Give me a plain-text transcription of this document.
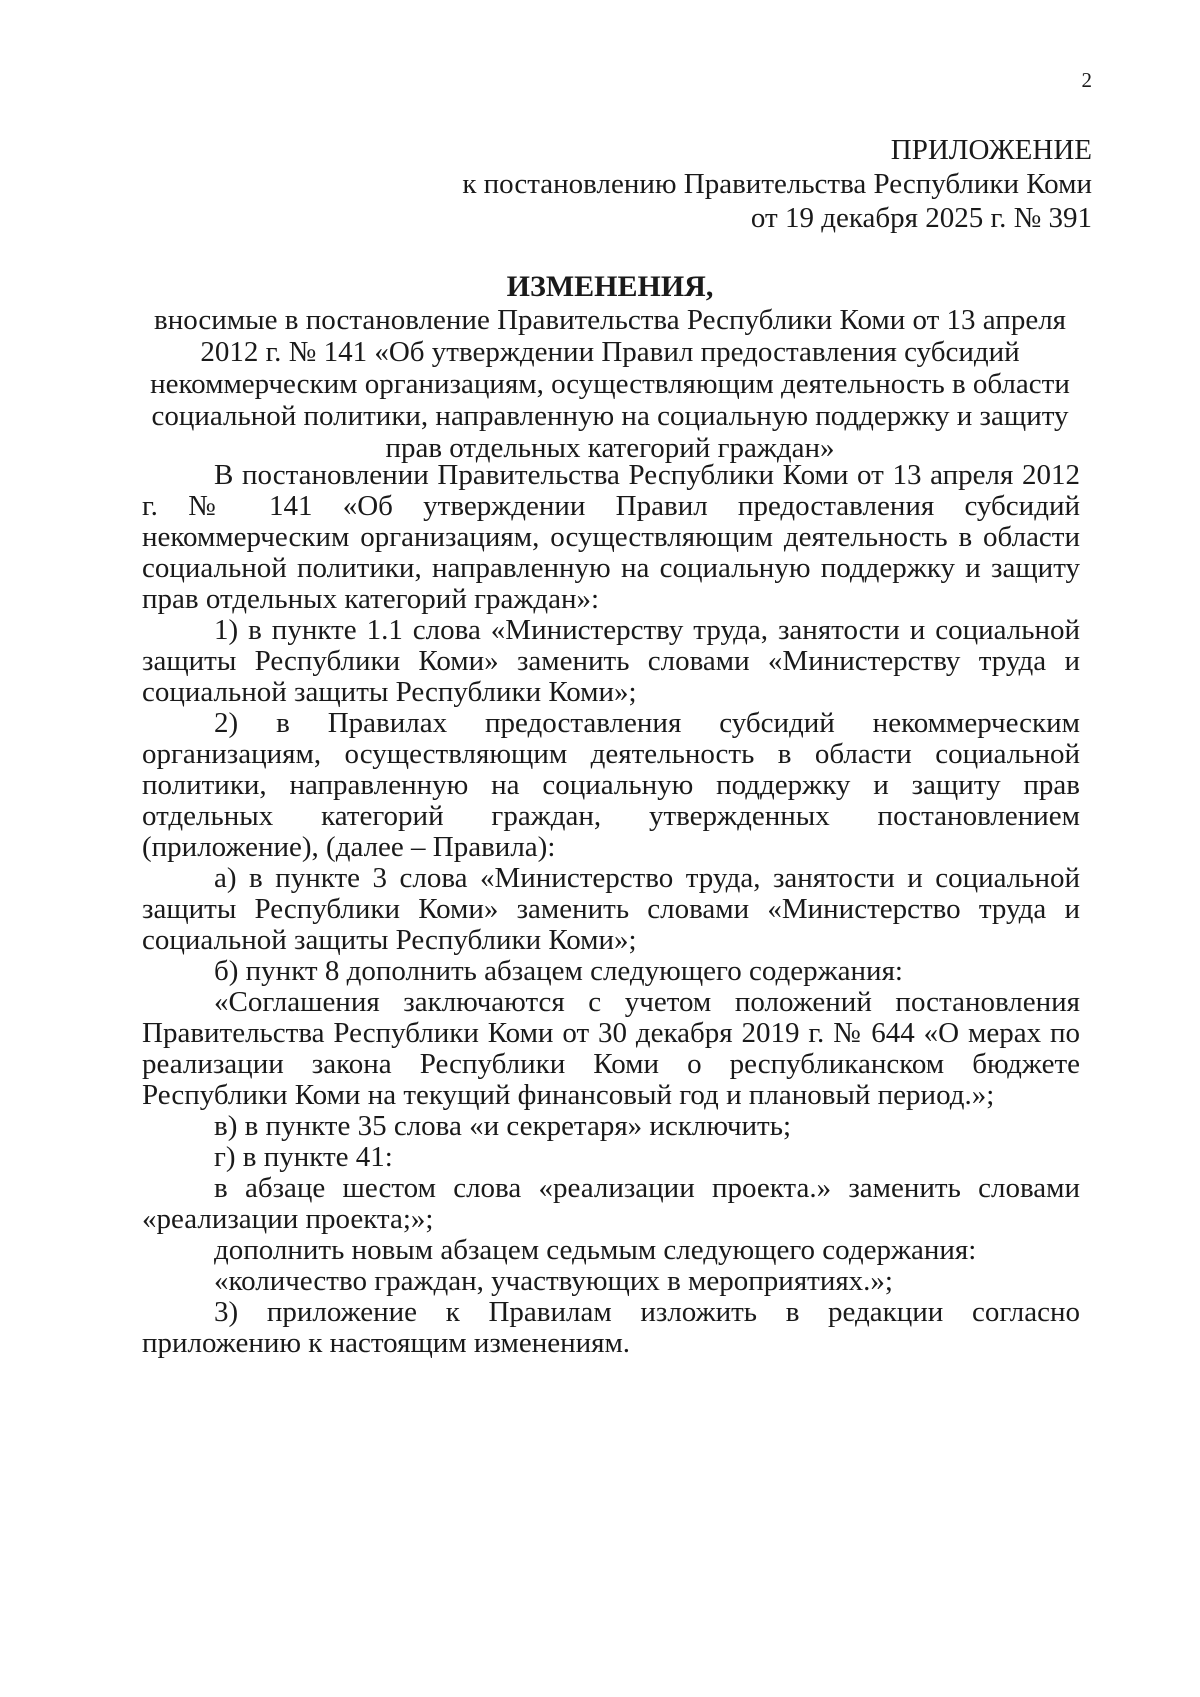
2
ПРИЛОЖЕНИЕ
к постановлению Правительства Республики Коми
от 19 декабря 2025 г. № 391
ИЗМЕНЕНИЯ,
вносимые в постановление Правительства Республики Коми от 13 апреля 2012 г. № 141 «Об утверждении Правил предоставления субсидий некоммерческим организациям, осуществляющим деятельность в области социальной политики, направленную на социальную поддержку и защиту прав отдельных категорий граждан»

В постановлении Правительства Республики Коми от 13 апреля 2012 г. № 141 «Об утверждении Правил предоставления субсидий некоммерческим организациям, осуществляющим деятельность в области социальной политики, направленную на социальную поддержку и защиту прав отдельных категорий граждан»:

1) в пункте 1.1 слова «Министерству труда, занятости и социальной защиты Республики Коми» заменить словами «Министерству труда и социальной защиты Республики Коми»;

2) в Правилах предоставления субсидий некоммерческим организациям, осуществляющим деятельность в области социальной политики, направленную на социальную поддержку и защиту прав отдельных категорий граждан, утвержденных постановлением (приложение), (далее – Правила):

а) в пункте 3 слова «Министерство труда, занятости и социальной защиты Республики Коми» заменить словами «Министерство труда и социальной защиты Республики Коми»;

б) пункт 8 дополнить абзацем следующего содержания:

«Соглашения заключаются с учетом положений постановления Правительства Республики Коми от 30 декабря 2019 г. № 644 «О мерах по реализации закона Республики Коми о республиканском бюджете Республики Коми на текущий финансовый год и плановый период.»;

в) в пункте 35 слова «и секретаря» исключить;

г) в пункте 41:

в абзаце шестом слова «реализации проекта.» заменить словами «реализации проекта;»;

дополнить новым абзацем седьмым следующего содержания:

«количество граждан, участвующих в мероприятиях.»;

3) приложение к Правилам изложить в редакции согласно приложению к настоящим изменениям.
